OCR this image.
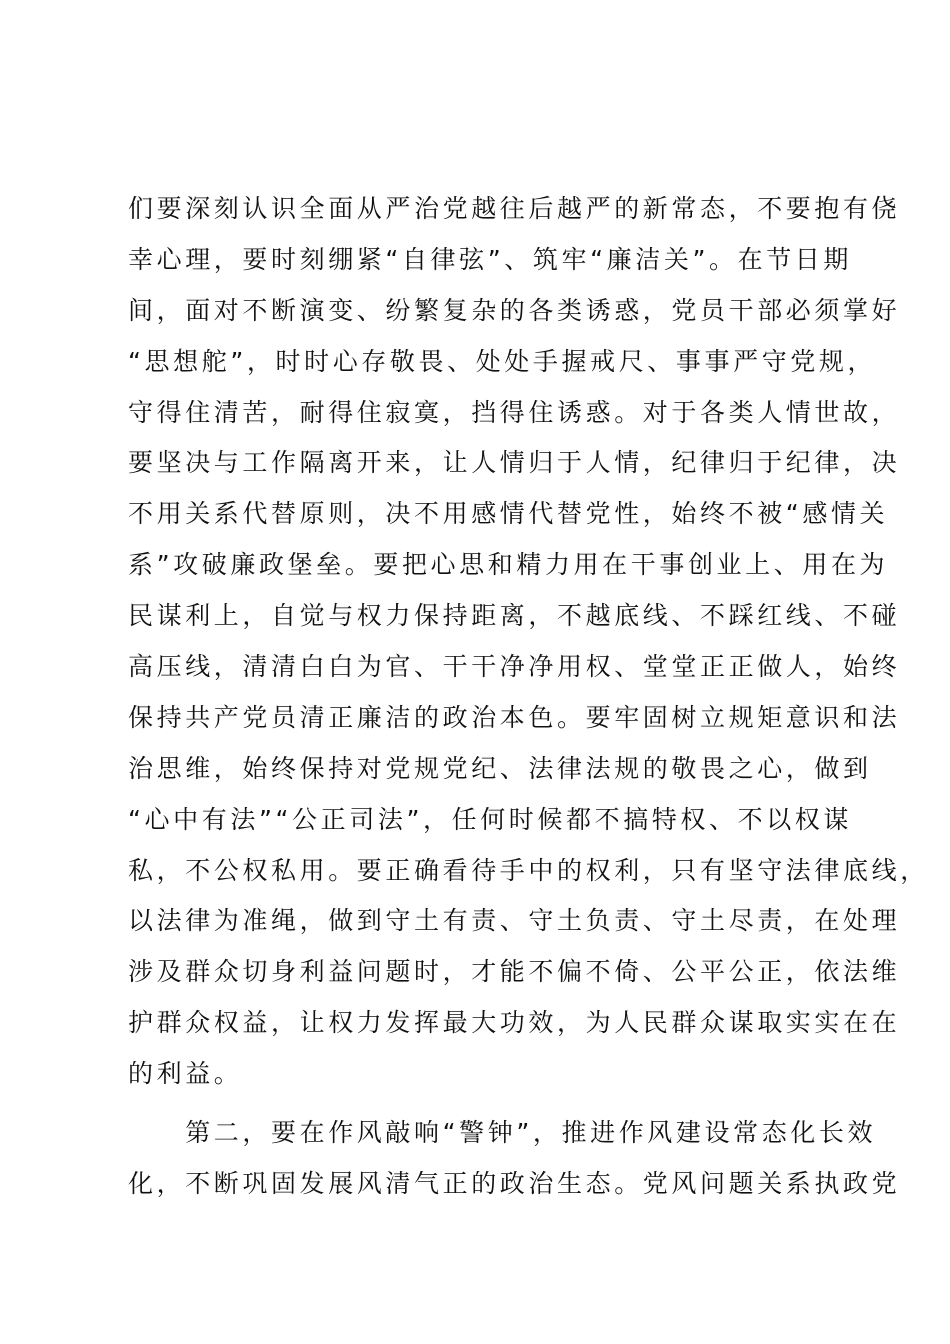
们要深刻认识全面从严治党越往后越严的新常态，不要抱有侥
幸心理，要时刻绷紧“自律弦”、筑牢“廉洁关”。在节日期
间，面对不断演变、纷繁复杂的各类诱惑，党员干部必须掌好
“思想舵”，时时心存敬畏、处处手握戒尺、事事严守党规，
守得住清苦，耐得住寂寞，挡得住诱惑。对于各类人情世故，
要坚决与工作隔离开来，让人情归于人情，纪律归于纪律，决
不用关系代替原则，决不用感情代替党性，始终不被“感情关
系”攻破廉政堡垒。要把心思和精力用在干事创业上、用在为
民谋利上，自觉与权力保持距离，不越底线、不踩红线、不碰
高压线，清清白白为官、干干净净用权、堂堂正正做人，始终
保持共产党员清正廉洁的政治本色。要牢固树立规矩意识和法
治思维，始终保持对党规党纪、法律法规的敬畏之心，做到
“心中有法”“公正司法”，任何时候都不搞特权、不以权谋
私，不公权私用。要正确看待手中的权利，只有坚守法律底线，
以法律为准绳，做到守土有责、守土负责、守土尽责，在处理
涉及群众切身利益问题时，才能不偏不倚、公平公正，依法维
护群众权益，让权力发挥最大功效，为人民群众谋取实实在在
的利益。
　　第二，要在作风敲响“警钟”，推进作风建设常态化长效
化，不断巩固发展风清气正的政治生态。党风问题关系执政党
